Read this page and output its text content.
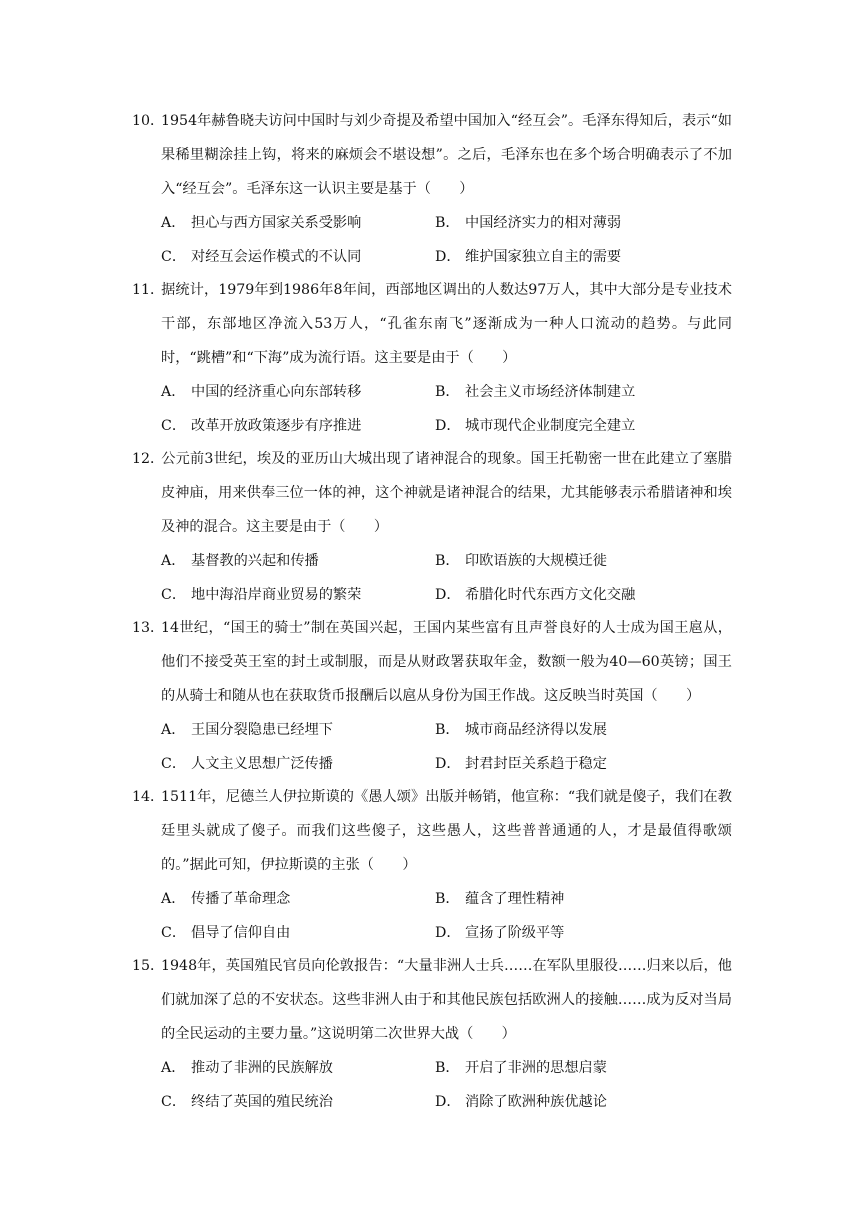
10．1954年赫鲁晓夫访问中国时与刘少奇提及希望中国加入“经互会”。毛泽东得知后，表示“如果稀里糊涂挂上钩，将来的麻烦会不堪设想”。之后，毛泽东也在多个场合明确表示了不加入“经互会”。毛泽东这一认识主要是基于（　　）

A． 担心与西方国家关系受影响	B． 中国经济实力的相对薄弱
C． 对经互会运作模式的不认同	D． 维护国家独立自主的需要

11．据统计，1979年到1986年8年间，西部地区调出的人数达97万人，其中大部分是专业技术干部，东部地区净流入53万人，“孔雀东南飞”逐渐成为一种人口流动的趋势。与此同时，“跳槽”和“下海”成为流行语。这主要是由于（　　）

A． 中国的经济重心向东部转移	B． 社会主义市场经济体制建立
C． 改革开放政策逐步有序推进	D． 城市现代企业制度完全建立

12．公元前3世纪，埃及的亚历山大城出现了诸神混合的现象。国王托勒密一世在此建立了塞腊皮神庙，用来供奉三位一体的神，这个神就是诸神混合的结果，尤其能够表示希腊诸神和埃及神的混合。这主要是由于（　　）

A． 基督教的兴起和传播	B． 印欧语族的大规模迁徙
C． 地中海沿岸商业贸易的繁荣	D． 希腊化时代东西方文化交融

13．14世纪，“国王的骑士”制在英国兴起，王国内某些富有且声誉良好的人士成为国王扈从，他们不接受英王室的封土或制服，而是从财政署获取年金，数额一般为40—60英镑；国王的从骑士和随从也在获取货币报酬后以扈从身份为国王作战。这反映当时英国（　　）

A． 王国分裂隐患已经埋下	B． 城市商品经济得以发展
C． 人文主义思想广泛传播	D． 封君封臣关系趋于稳定

14．1511年，尼德兰人伊拉斯谟的《愚人颂》出版并畅销，他宣称：“我们就是傻子，我们在教廷里头就成了傻子。而我们这些傻子，这些愚人，这些普普通通的人，才是最值得歌颂的。”据此可知，伊拉斯谟的主张（　　）

A． 传播了革命理念	B． 蕴含了理性精神
C． 倡导了信仰自由	D． 宣扬了阶级平等

15．1948年，英国殖民官员向伦敦报告：“大量非洲人士兵……在军队里服役……归来以后，他们就加深了总的不安状态。这些非洲人由于和其他民族包括欧洲人的接触……成为反对当局的全民运动的主要力量。”这说明第二次世界大战（　　）

A． 推动了非洲的民族解放	B． 开启了非洲的思想启蒙
C． 终结了英国的殖民统治	D． 消除了欧洲种族优越论
